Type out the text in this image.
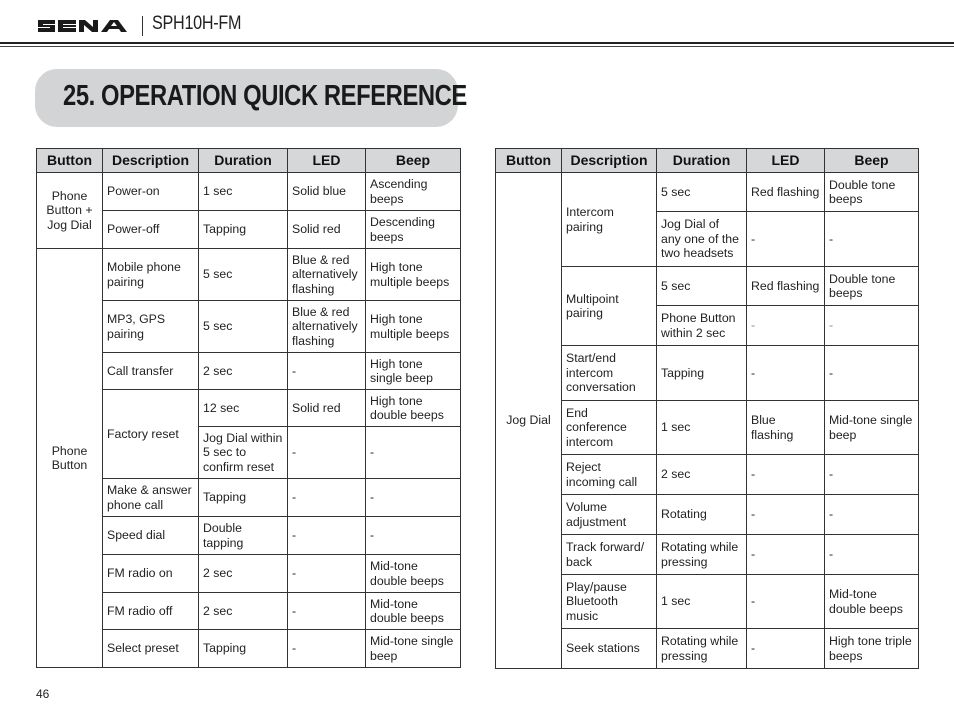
SPH10H-FM
25. OPERATION QUICK REFERENCE
Button	Description	Duration	LED	Beep
Phone Button + Jog Dial	Power-on	1 sec	Solid blue	Ascending beeps
	Power-off	Tapping	Solid red	Descending beeps
Phone Button	Mobile phone pairing	5 sec	Blue & red alternatively flashing	High tone multiple beeps
	MP3, GPS pairing	5 sec	Blue & red alternatively flashing	High tone multiple beeps
	Call transfer	2 sec	-	High tone single beep
	Factory reset	12 sec	Solid red	High tone double beeps
		Jog Dial within 5 sec to confirm reset	-	-
	Make & answer phone call	Tapping	-	-
	Speed dial	Double tapping	-	-
	FM radio on	2 sec	-	Mid-tone double beeps
	FM radio off	2 sec	-	Mid-tone double beeps
	Select preset	Tapping	-	Mid-tone single beep
Button	Description	Duration	LED	Beep
Jog Dial	Intercom pairing	5 sec	Red flashing	Double tone beeps
		Jog Dial of any one of the two headsets	-	-
	Multipoint pairing	5 sec	Red flashing	Double tone beeps
		Phone Button within 2 sec	-	-
	Start/end intercom conversation	Tapping	-	-
	End conference intercom	1 sec	Blue flashing	Mid-tone single beep
	Reject incoming call	2 sec	-	-
	Volume adjustment	Rotating	-	-
	Track forward/ back	Rotating while pressing	-	-
	Play/pause Bluetooth music	1 sec	-	Mid-tone double beeps
	Seek stations	Rotating while pressing	-	High tone triple beeps
46
